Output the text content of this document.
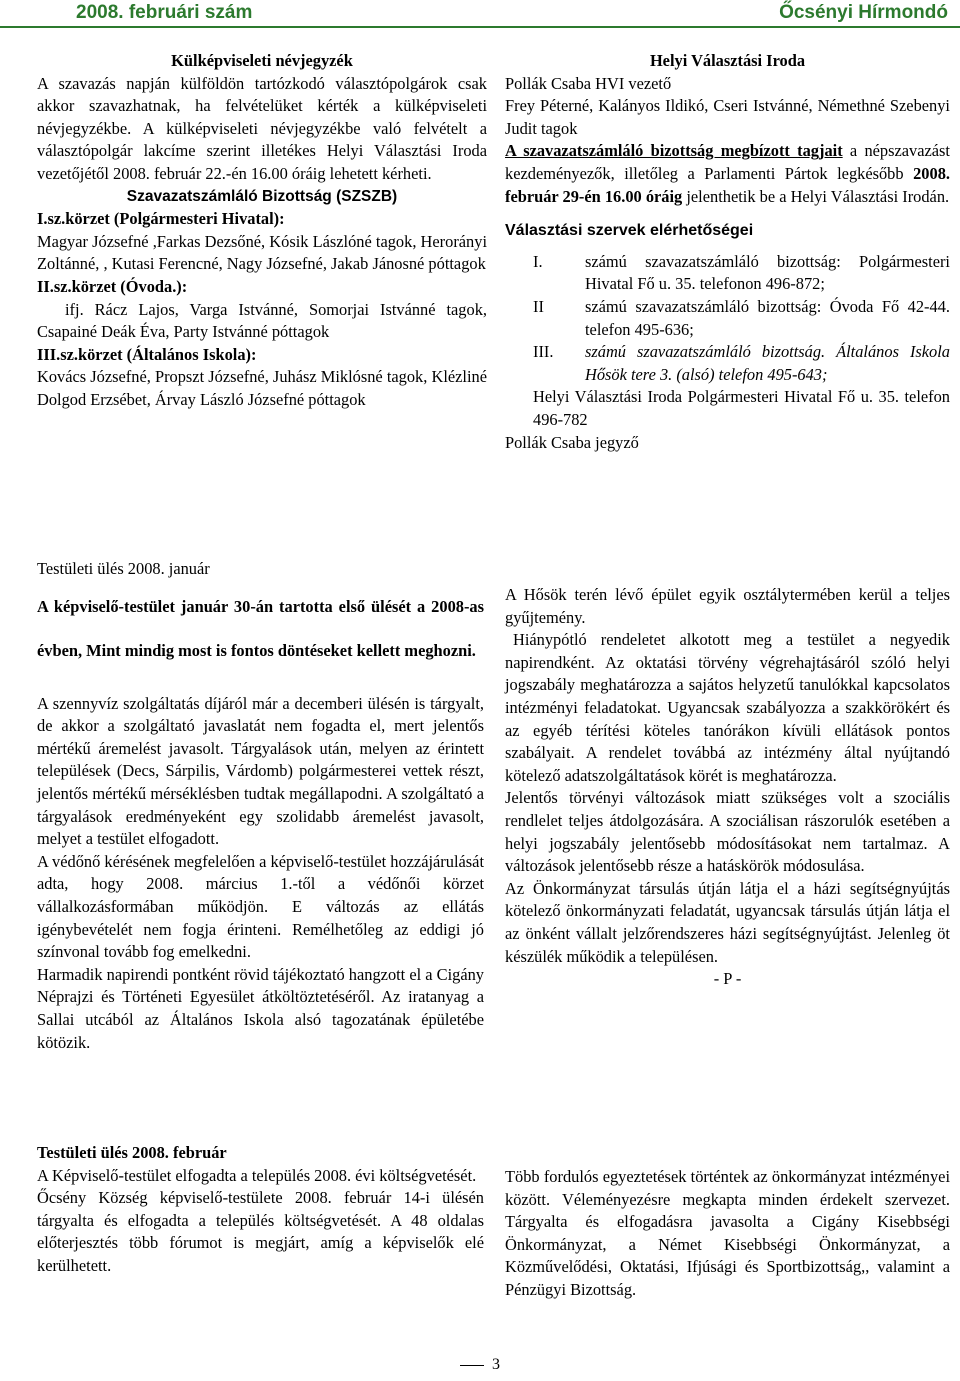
2008. februári szám	Őcsényi Hírmondó

Külképviseleti névjegyzék

A szavazás napján külföldön tartózkodó választópolgárok csak akkor szavazhatnak, ha felvételüket kérték a külképviseleti névjegyzékbe. A külképviseleti névjegyzékbe való felvételt a választópolgár lakcíme szerint illetékes Helyi Választási Iroda vezetőjétől 2008. február 22.-én 16.00 óráig lehetett kérheti.

Szavazatszámláló Bizottság (SZSZB)

I.sz.körzet (Polgármesteri Hivatal):

Magyar Józsefné ,Farkas Dezsőné, Kósik Lászlóné tagok, Herorányi Zoltánné, , Kutasi Ferencné, Nagy Józsefné, Jakab Jánosné póttagok

II.sz.körzet (Óvoda.):

ifj. Rácz Lajos, Varga Istvánné, Somorjai Istvánné tagok, Csapainé Deák Éva, Party Istvánné póttagok

III.sz.körzet (Általános Iskola):

Kovács Józsefné, Propszt Józsefné, Juhász Miklósné tagok, Klézliné Dolgod Erzsébet, Árvay László Józsefné póttagok

Helyi Választási Iroda

Pollák Csaba HVI vezető

Frey Péterné, Kalányos Ildikó, Cseri Istvánné, Némethné Szebenyi Judit tagok

A szavazatszámláló bizottság megbízott tagjait a népszavazást kezdeményezők, illetőleg a Parlamenti Pártok legkésőbb 2008. február 29-én 16.00 óráig jelenthetik be a Helyi Választási Irodán.

Választási szervek elérhetőségei

I.	számú szavazatszámláló bizottság: Polgármesteri Hivatal Fő u. 35. telefonon 496-872;
II	számú szavazatszámláló bizottság: Óvoda Fő 42-44. telefon 495-636;
III.	számú szavazatszámláló bizottság. Általános Iskola Hősök tere 3. (alsó) telefon 495-643;

Helyi Választási Iroda Polgármesteri Hivatal Fő u. 35. telefon 496-782

Pollák Csaba jegyző

Testületi ülés 2008. január

A képviselő-testület január 30-án tartotta első ülését a 2008-as évben, Mint mindig most is fontos döntéseket kellett meghozni.

A szennyvíz szolgáltatás díjáról már a decemberi ülésén is tárgyalt, de akkor a szolgáltató javaslatát nem fogadta el, mert jelentős mértékű áremelést javasolt. Tárgyalások után, melyen az érintett települések (Decs, Sárpilis, Várdomb) polgármesterei vettek részt, jelentős mértékű mérséklésben tudtak megállapodni. A szolgáltató a tárgyalások eredményeként egy szolidabb áremelést javasolt, melyet a testület elfogadott.

A védőnő kérésének megfelelően a képviselő-testület hozzájárulását adta, hogy 2008. március 1.-től a védőnői körzet vállalkozásformában működjön. E változás az ellátás igénybevételét nem fogja érinteni. Remélhetőleg az eddigi jó színvonal tovább fog emelkedni.

Harmadik napirendi pontként rövid tájékoztató hangzott el a Cigány Néprajzi és Történeti Egyesület átköltöztetéséről. Az iratanyag a Sallai utcából az Általános Iskola alsó tagozatának épületébe kötözik.

A Hősök terén lévő épület egyik osztálytermében kerül a teljes gyűjtemény.

Hiánypótló rendeletet alkotott meg a testület a negyedik napirendként. Az oktatási törvény végrehajtásáról szóló helyi jogszabály meghatározza a sajátos helyzetű tanulókkal kapcsolatos intézményi feladatokat. Ugyancsak szabályozza a szakkörökért és az egyéb térítési köteles tanórákon kívüli ellátások pontos szabályait. A rendelet továbbá az intézmény által nyújtandó kötelező adatszolgáltatások körét is meghatározza.

Jelentős törvényi változások miatt szükséges volt a szociális rendlelet teljes átdolgozására. A szociálisan rászorulók esetében a helyi jogszabály jelentősebb módosításokat nem tartalmaz. A változások jelentősebb része a hatáskörök módosulása.

Az Önkormányzat társulás útján látja el a házi segítségnyújtás kötelező önkormányzati feladatát, ugyancsak társulás útján látja el az önként vállalt jelzőrendszeres házi segítségnyújtást. Jelenleg öt készülék működik a településen.

- P -

Testületi ülés 2008. február

A Képviselő-testület elfogadta a település 2008. évi költségvetését.

Őcsény Község képviselő-testülete 2008. február 14-i ülésén tárgyalta és elfogadta a település költségvetését. A 48 oldalas előterjesztés több fórumot is megjárt, amíg a képviselők elé kerülhetett.

Több fordulós egyeztetések történtek az önkormányzat intézményei között. Véleményezésre megkapta minden érdekelt szervezet. Tárgyalta és elfogadásra javasolta a Cigány Kisebbségi Önkormányzat, a Német Kisebbségi Önkormányzat, a Közművelődési, Oktatási, Ifjúsági és Sportbizottság,, valamint a Pénzügyi Bizottság.

3
